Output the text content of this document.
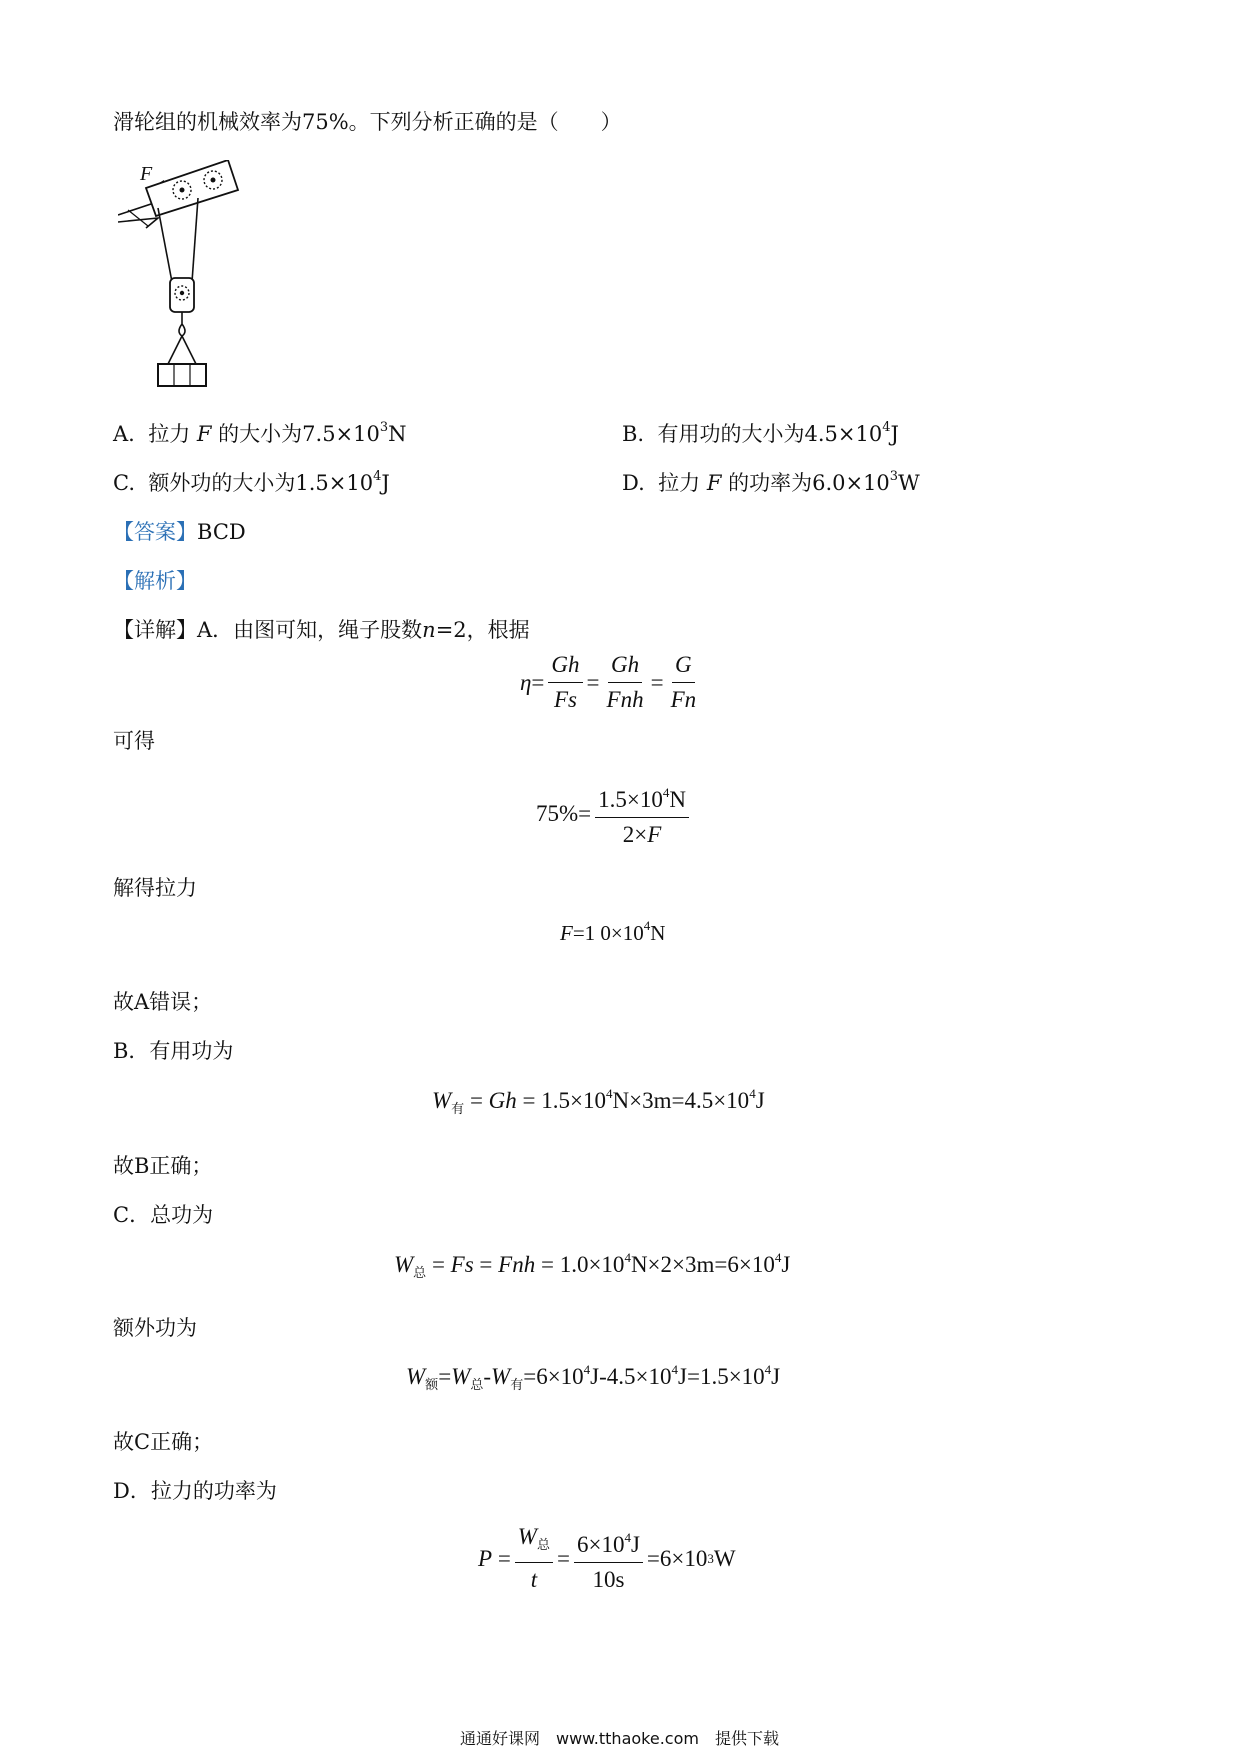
滑轮组的机械效率为75%。下列分析正确的是（　　）
F
A. 拉力 F 的大小为$7.5\times 10^3N$	B. 有用功的大小为$4.5\times 10^4J$
C. 额外功的大小为$1.5\times 10^4J$	D. 拉力 F 的功率为$6.0\times 10^3W$
【答案】BCD
【解析】
【详解】A．由图可知，绳子股数n=2，根据
$\eta = \frac{Gh}{Fs} = \frac{Gh}{\text{Fnh}} = \frac{G}{Fn}$
可得
$75\%= \frac{1.5\times 10^4N}{2\times F}$
解得拉力
F=1 $0\times 10^4N$
故A错误；
B．有用功为
$W_有 = Gh = 1.5\times 10^4N\times 3m=4.5\times 10^4J$
故B正确；
C．总功为
$W_总 = Fs$ = Fnh = $1.0\times 10^4N\times 2\times 3m=6\times 10^4J$
额外功为
$W_额=W_总-W_有=6\times 10^4J-4.5\times 10^4J=1.5\times 10^4J$
故C正确；
D．拉力的功率为
$P = \frac{W_总}{t} = \frac{6\times 10^4J}{10s} =6\times 10$ 3 W
通通好课网　www.tthaoke.com　提供下载
